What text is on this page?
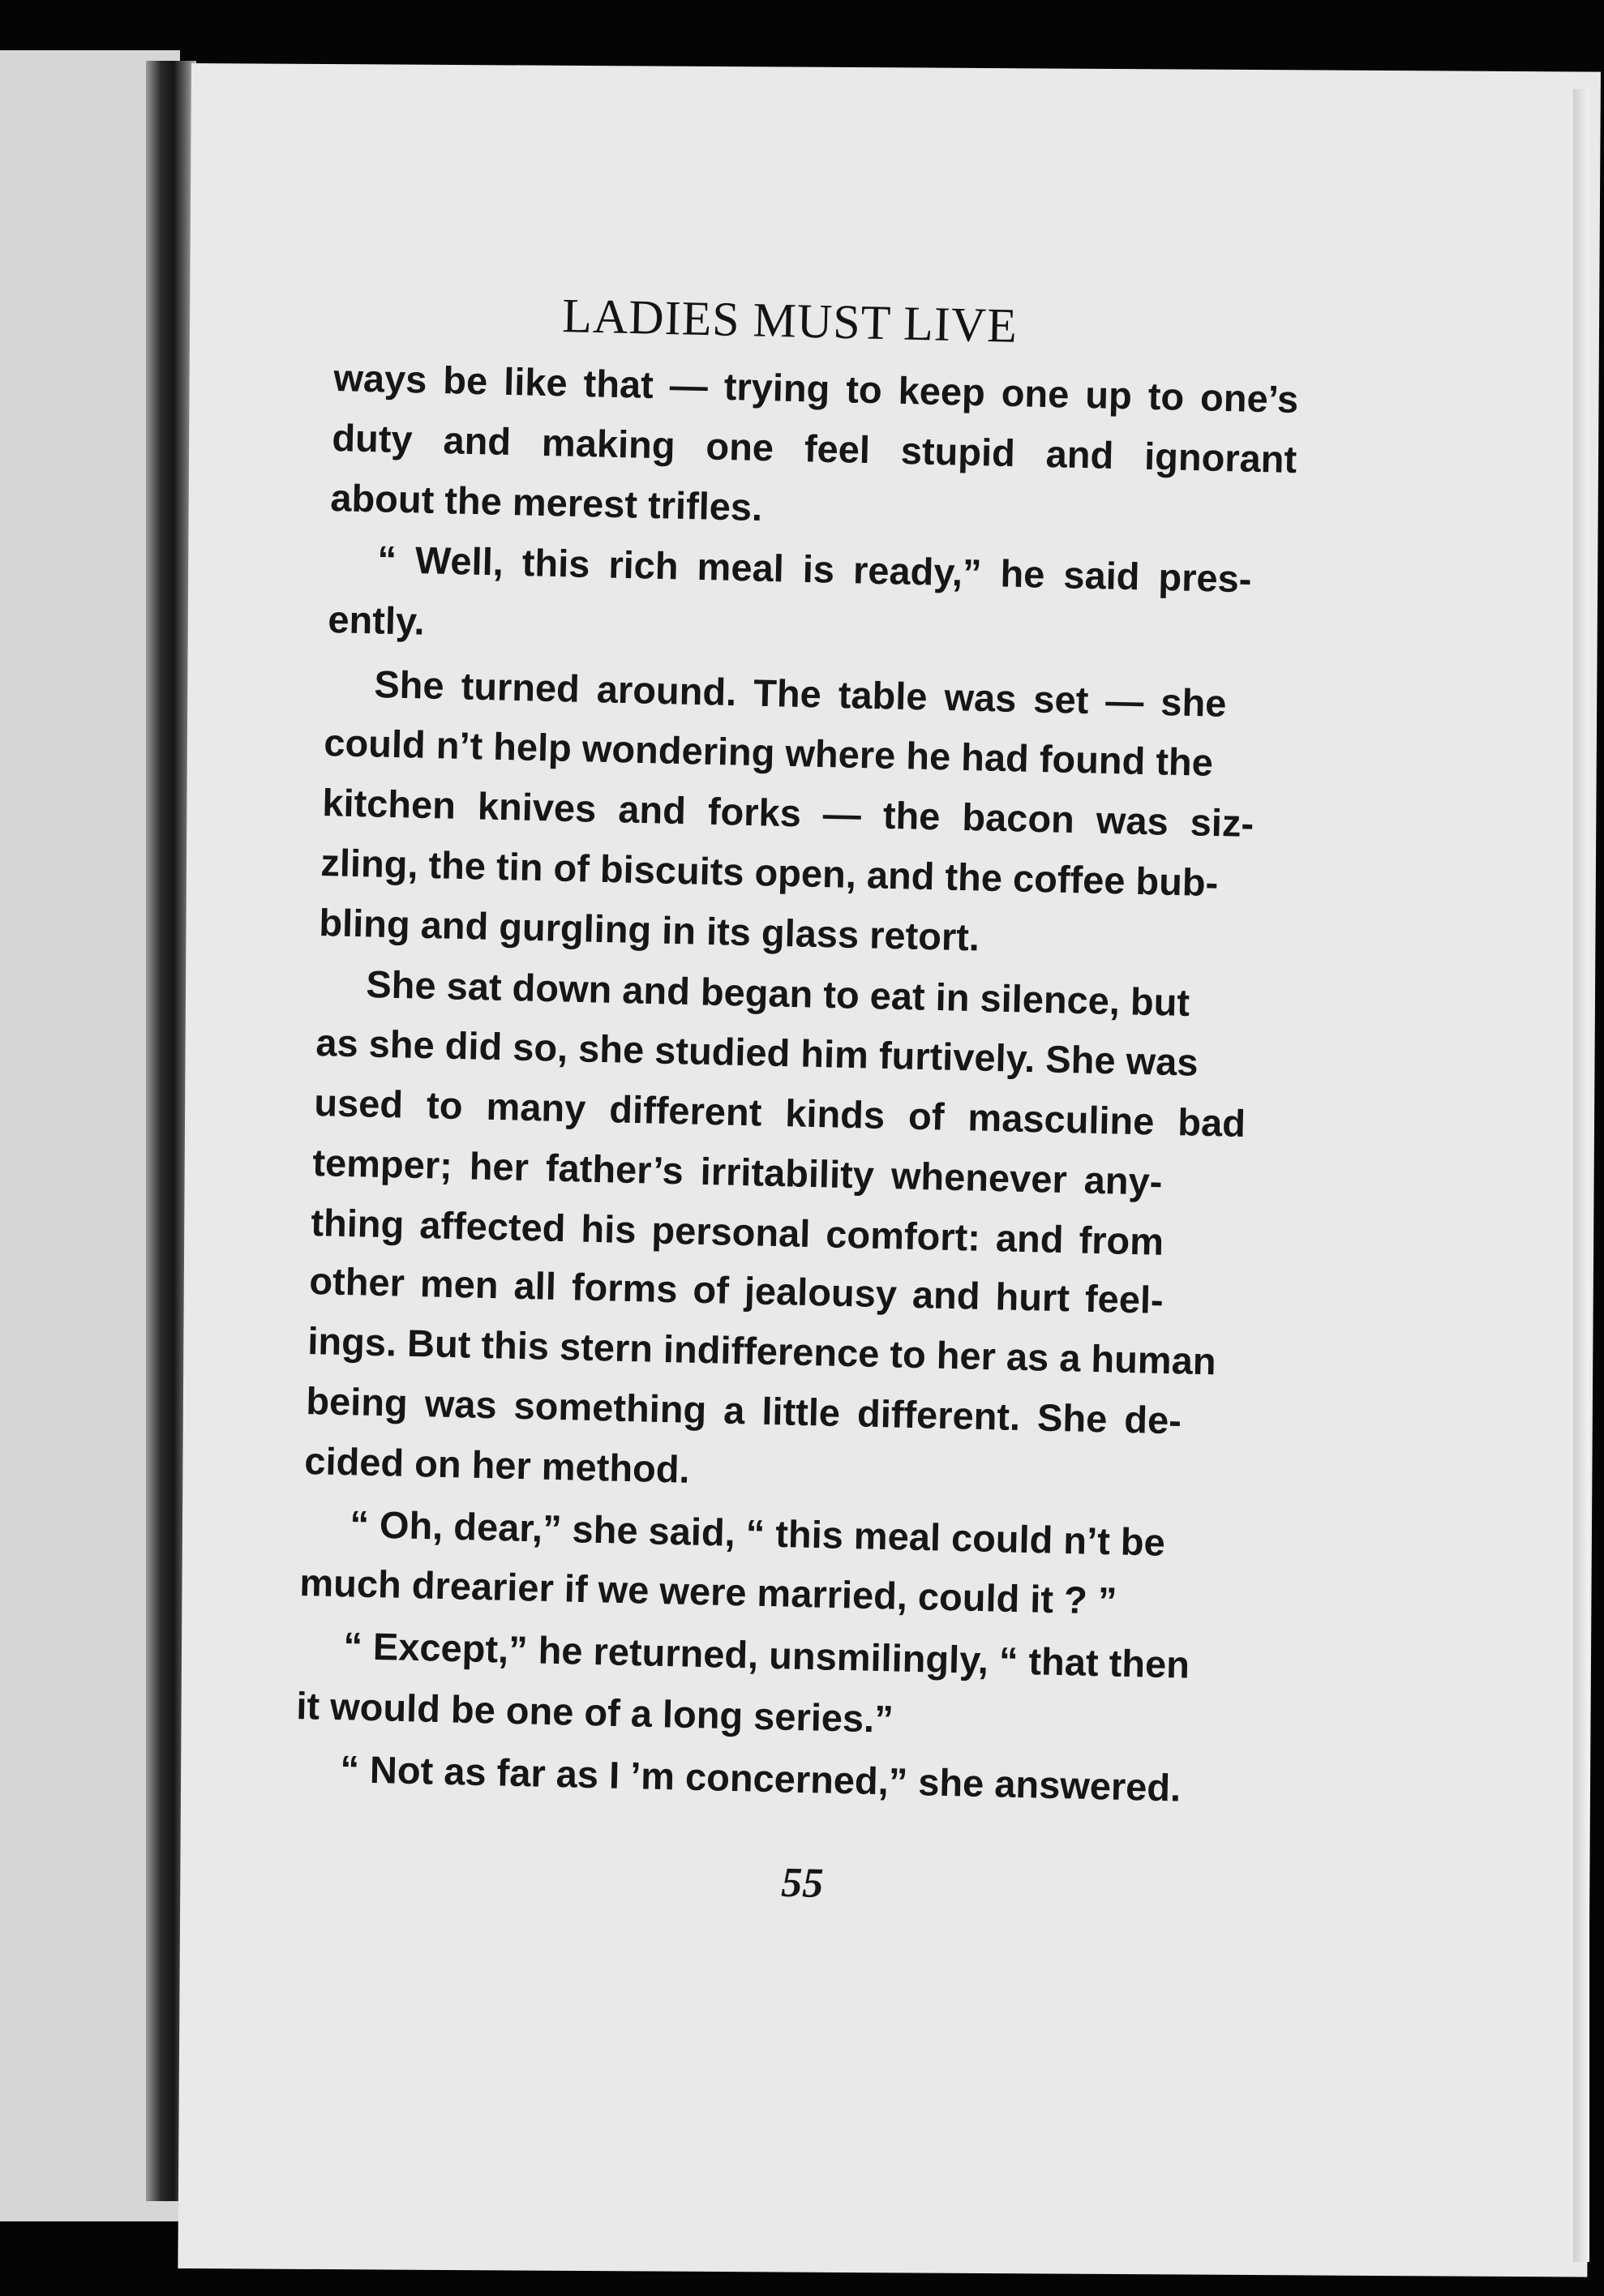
LADIES MUST LIVE

ways be like that — trying to keep one up to one’s

duty and making one feel stupid and ignorant

about the merest trifles.

“ Well, this rich meal is ready,” he said pres-

ently.

She turned around. The table was set — she

could n’t help wondering where he had found the

kitchen knives and forks — the bacon was siz-

zling, the tin of biscuits open, and the coffee bub-

bling and gurgling in its glass retort.

She sat down and began to eat in silence, but

as she did so, she studied him furtively. She was

used to many different kinds of masculine bad

temper; her father’s irritability whenever any-

thing affected his personal comfort: and from

other men all forms of jealousy and hurt feel-

ings. But this stern indifference to her as a human

being was something a little different. She de-

cided on her method.

“ Oh, dear,” she said, “ this meal could n’t be

much drearier if we were married, could it ? ”

“ Except,” he returned, unsmilingly, “ that then

it would be one of a long series.”

“ Not as far as I ’m concerned,” she answered.

55
